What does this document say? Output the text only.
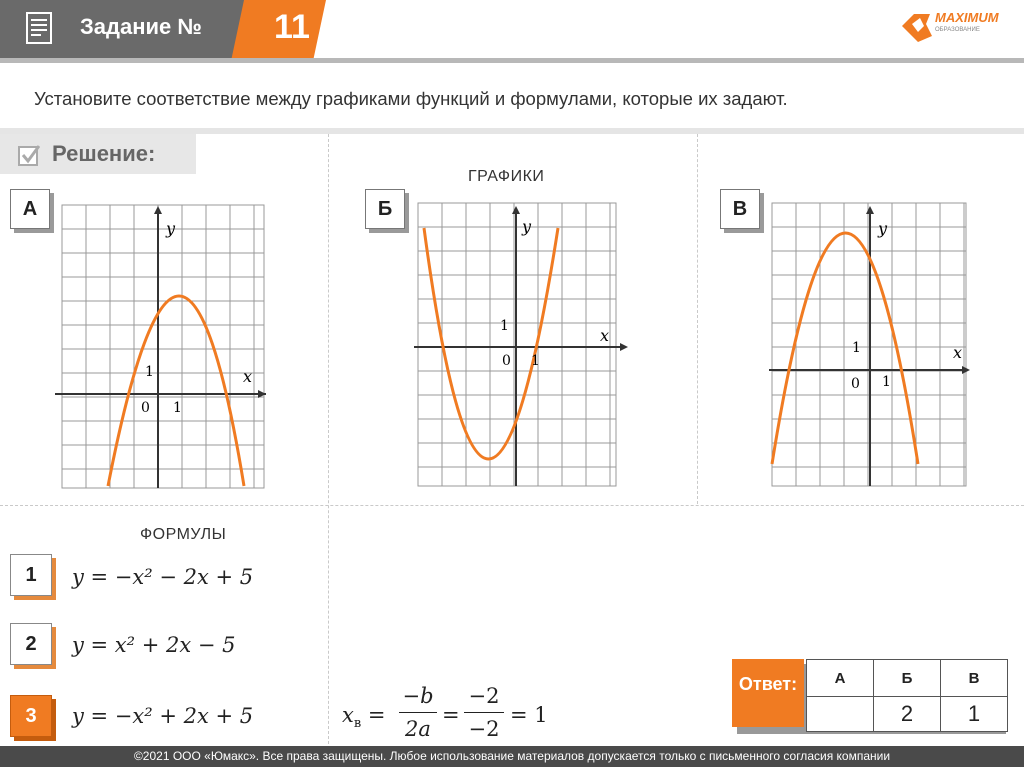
Задание №	11	MAXIMUM
ОБРАЗОВАНИЕ
Установите соответствие между графиками функций и формулами, которые их задают.
Решение:
ГРАФИКИ
ФОРМУЛЫ
А	Б	В
x
y
0 1
1
x
y
0 1
1
x
y
0 1
1
1	y = −x² − 2x + 5
2	y = x² + 2x − 5
3	y = −x² + 2x + 5	$x_в$ =
−b
2a
=
−2
−2
= 1
Ответ:	А	Б	В
	2	1
©2021 ООО «Юмакс». Все права защищены. Любое использование материалов допускается только с письменного согласия компании
